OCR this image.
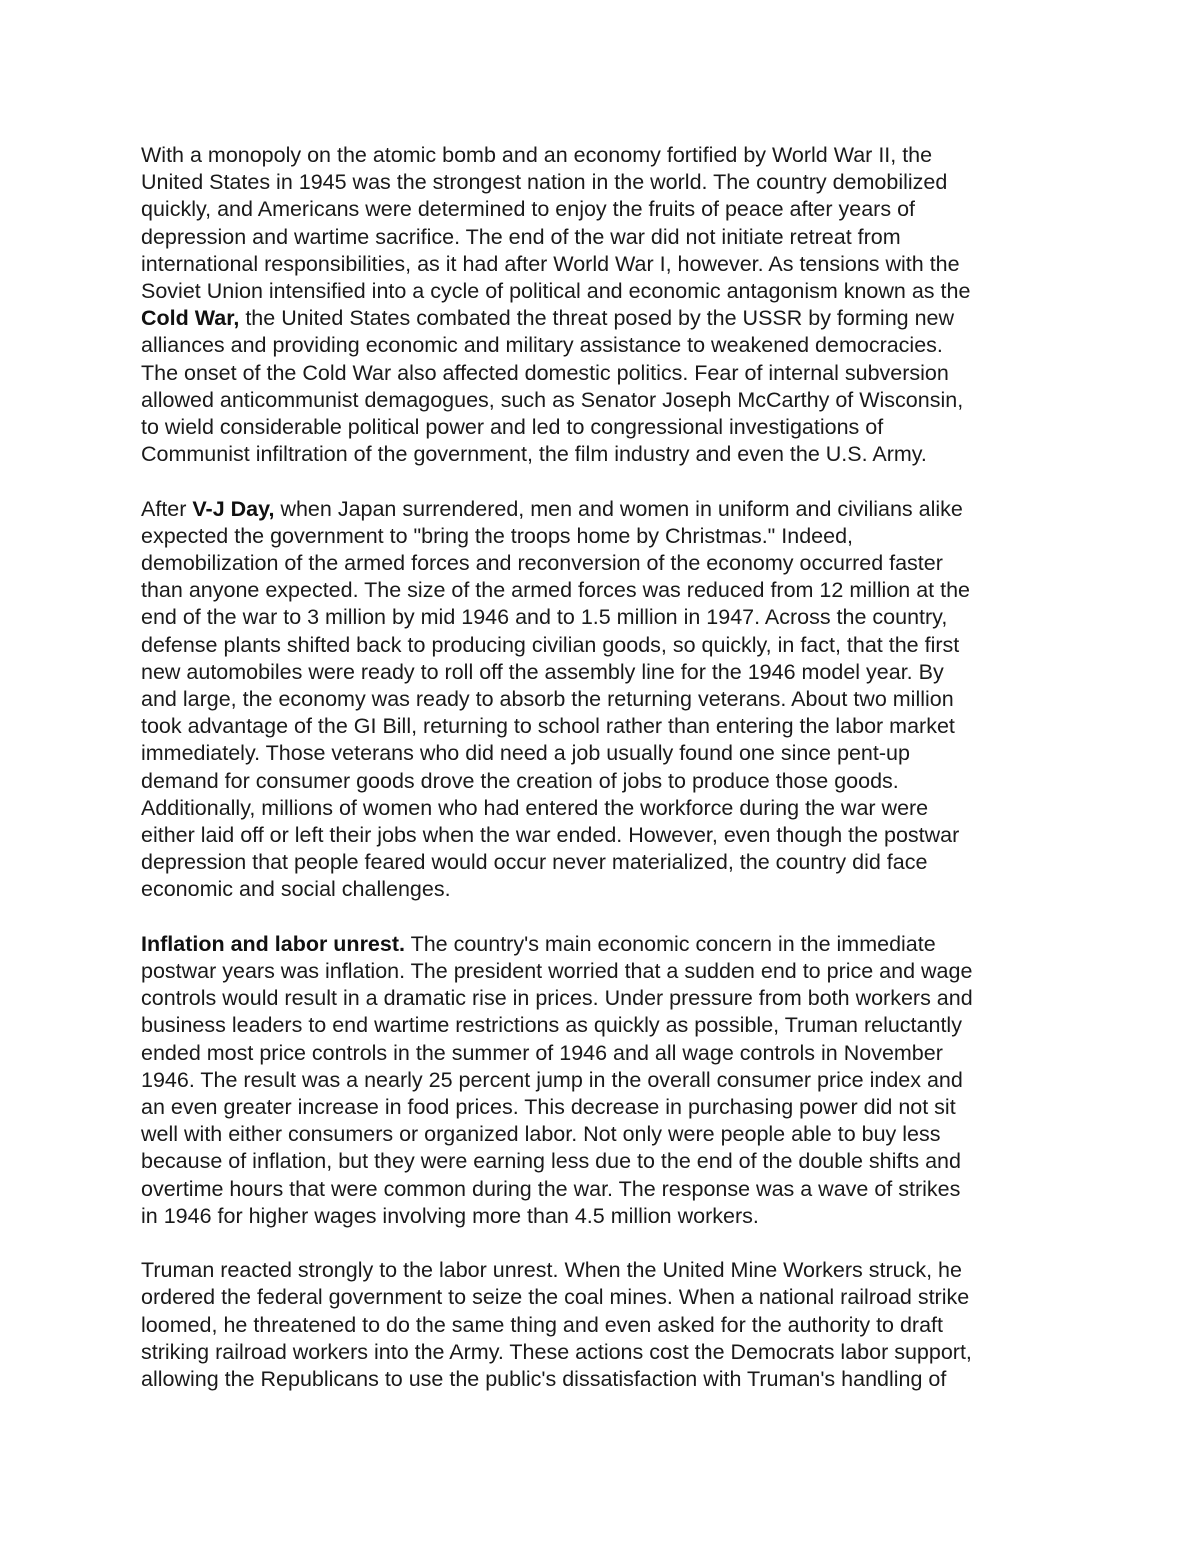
With a monopoly on the atomic bomb and an economy fortified by World War II, the
United States in 1945 was the strongest nation in the world. The country demobilized
quickly, and Americans were determined to enjoy the fruits of peace after years of
depression and wartime sacrifice. The end of the war did not initiate retreat from
international responsibilities, as it had after World War I, however. As tensions with the
Soviet Union intensified into a cycle of political and economic antagonism known as the
Cold War, the United States combated the threat posed by the USSR by forming new
alliances and providing economic and military assistance to weakened democracies.
The onset of the Cold War also affected domestic politics. Fear of internal subversion
allowed anticommunist demagogues, such as Senator Joseph McCarthy of Wisconsin,
to wield considerable political power and led to congressional investigations of
Communist infiltration of the government, the film industry and even the U.S. Army.

After V-J Day, when Japan surrendered, men and women in uniform and civilians alike
expected the government to "bring the troops home by Christmas." Indeed,
demobilization of the armed forces and reconversion of the economy occurred faster
than anyone expected. The size of the armed forces was reduced from 12 million at the
end of the war to 3 million by mid 1946 and to 1.5 million in 1947. Across the country,
defense plants shifted back to producing civilian goods, so quickly, in fact, that the first
new automobiles were ready to roll off the assembly line for the 1946 model year. By
and large, the economy was ready to absorb the returning veterans. About two million
took advantage of the GI Bill, returning to school rather than entering the labor market
immediately. Those veterans who did need a job usually found one since pent-up
demand for consumer goods drove the creation of jobs to produce those goods.
Additionally, millions of women who had entered the workforce during the war were
either laid off or left their jobs when the war ended. However, even though the postwar
depression that people feared would occur never materialized, the country did face
economic and social challenges.

Inflation and labor unrest. The country's main economic concern in the immediate
postwar years was inflation. The president worried that a sudden end to price and wage
controls would result in a dramatic rise in prices. Under pressure from both workers and
business leaders to end wartime restrictions as quickly as possible, Truman reluctantly
ended most price controls in the summer of 1946 and all wage controls in November
1946. The result was a nearly 25 percent jump in the overall consumer price index and
an even greater increase in food prices. This decrease in purchasing power did not sit
well with either consumers or organized labor. Not only were people able to buy less
because of inflation, but they were earning less due to the end of the double shifts and
overtime hours that were common during the war. The response was a wave of strikes
in 1946 for higher wages involving more than 4.5 million workers.

Truman reacted strongly to the labor unrest. When the United Mine Workers struck, he
ordered the federal government to seize the coal mines. When a national railroad strike
loomed, he threatened to do the same thing and even asked for the authority to draft
striking railroad workers into the Army. These actions cost the Democrats labor support,
allowing the Republicans to use the public's dissatisfaction with Truman's handling of
